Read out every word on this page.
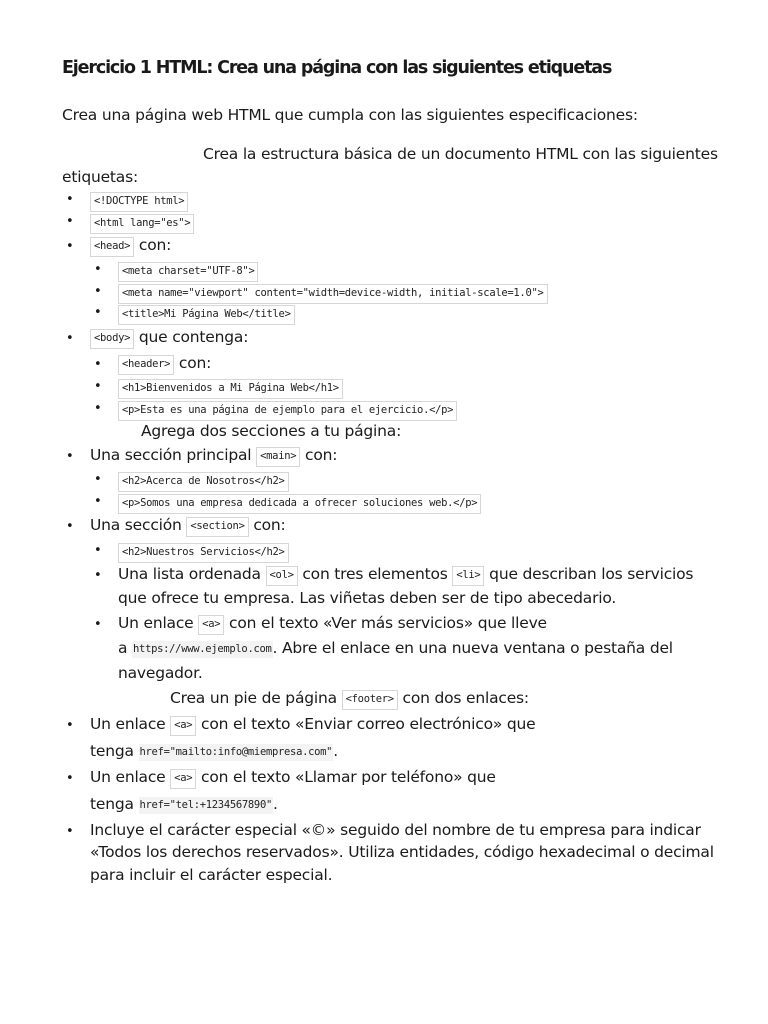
Ejercicio 1 HTML: Crea una página con las siguientes etiquetas
Crea una página web HTML que cumpla con las siguientes especificaciones:
Crea la estructura básica de un documento HTML con las siguientes
etiquetas:
• <!DOCTYPE html>
• <html lang="es">
• <head> con:
• <meta charset="UTF-8">
• <meta name="viewport" content="width=device-width, initial-scale=1.0">
• <title>Mi Página Web</title>
• <body> que contenga:
• <header> con:
• <h1>Bienvenidos a Mi Página Web</h1>
• <p>Esta es una página de ejemplo para el ejercicio.</p>
Agrega dos secciones a tu página:
• Una sección principal <main> con:
• <h2>Acerca de Nosotros</h2>
• <p>Somos una empresa dedicada a ofrecer soluciones web.</p>
• Una sección <section> con:
• <h2>Nuestros Servicios</h2>
• Una lista ordenada <ol> con tres elementos <li> que describan los servicios
que ofrece tu empresa. Las viñetas deben ser de tipo abecedario.
• Un enlace <a> con el texto «Ver más servicios» que lleve
a https://www.ejemplo.com. Abre el enlace en una nueva ventana o pestaña del
navegador.
Crea un pie de página <footer> con dos enlaces:
• Un enlace <a> con el texto «Enviar correo electrónico» que
tenga href="mailto:info@miempresa.com".
• Un enlace <a> con el texto «Llamar por teléfono» que
tenga href="tel:+1234567890".
• Incluye el carácter especial «©» seguido del nombre de tu empresa para indicar
«Todos los derechos reservados». Utiliza entidades, código hexadecimal o decimal
para incluir el carácter especial.
